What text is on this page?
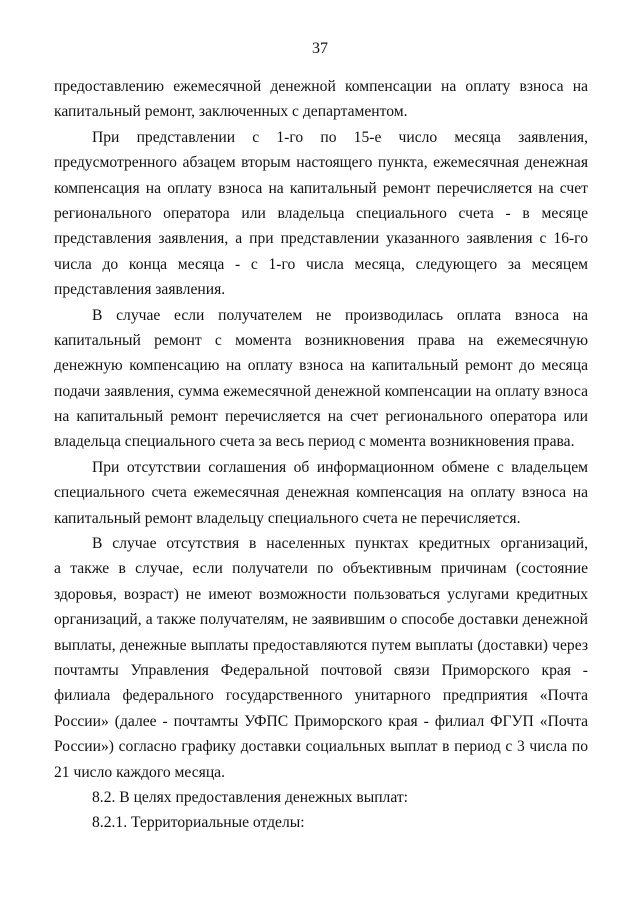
37
предоставлению ежемесячной денежной компенсации на оплату взноса на
капитальный ремонт, заключенных с департаментом.
При представлении с 1-го по 15-е число месяца заявления,
предусмотренного абзацем вторым настоящего пункта, ежемесячная денежная
компенсация на оплату взноса на капитальный ремонт перечисляется на счет
регионального оператора или владельца специального счета - в месяце
представления заявления, а при представлении указанного заявления с 16-го
числа до конца месяца - с 1-го числа месяца, следующего за месяцем
представления заявления.
В случае если получателем не производилась оплата взноса на
капитальный ремонт с момента возникновения права на ежемесячную
денежную компенсацию на оплату взноса на капитальный ремонт до месяца
подачи заявления, сумма ежемесячной денежной компенсации на оплату взноса
на капитальный ремонт перечисляется на счет регионального оператора или
владельца специального счета за весь период с момента возникновения права.
При отсутствии соглашения об информационном обмене с владельцем
специального счета ежемесячная денежная компенсация на оплату взноса на
капитальный ремонт владельцу специального счета не перечисляется.
В случае отсутствия в населенных пунктах кредитных организаций,
а также в случае, если получатели по объективным причинам (состояние
здоровья, возраст) не имеют возможности пользоваться услугами кредитных
организаций, а также получателям, не заявившим о способе доставки денежной
выплаты, денежные выплаты предоставляются путем выплаты (доставки) через
почтамты Управления Федеральной почтовой связи Приморского края -
филиала федерального государственного унитарного предприятия «Почта
России» (далее - почтамты УФПС Приморского края - филиал ФГУП «Почта
России») согласно графику доставки социальных выплат в период с 3 числа по
21 число каждого месяца.
8.2. В целях предоставления денежных выплат:
8.2.1. Территориальные отделы:
